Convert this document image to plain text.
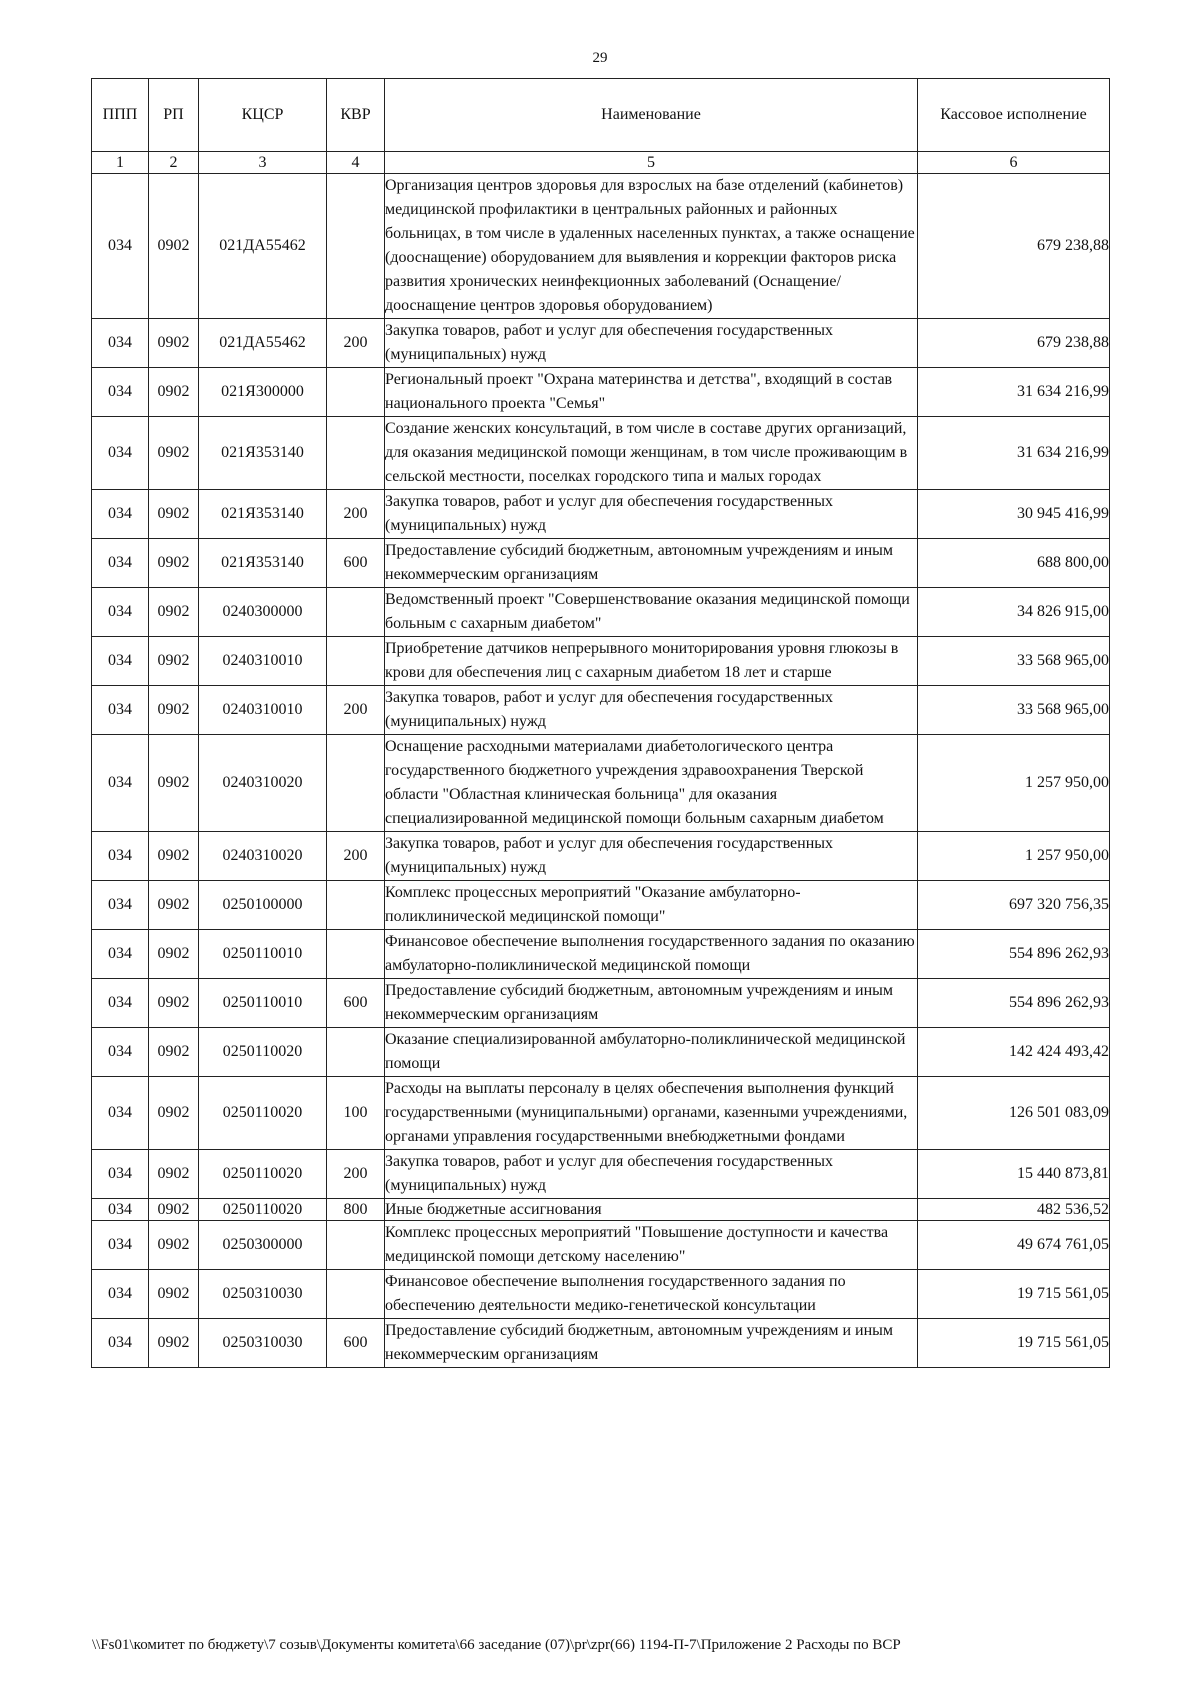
29
ППП	РП	КЦСР	КВР	Наименование	Кассовое исполнение
1	2	3	4	5	6
034	0902	021ДА55462		Организация центров здоровья для взрослых на базе отделений (кабинетов) медицинской профилактики в центральных районных и районных больницах, в том числе в удаленных населенных пунктах, а также оснащение (дооснащение) оборудованием для выявления и коррекции факторов риска развития хронических неинфекционных заболеваний (Оснащение/дооснащение центров здоровья оборудованием)	679 238,88
034	0902	021ДА55462	200	Закупка товаров, работ и услуг для обеспечения государственных (муниципальных) нужд	679 238,88
034	0902	021Я300000		Региональный проект "Охрана материнства и детства", входящий в состав национального проекта "Семья"	31 634 216,99
034	0902	021Я353140		Создание женских консультаций, в том числе в составе других организаций, для оказания медицинской помощи женщинам, в том числе проживающим в сельской местности, поселках городского типа и малых городах	31 634 216,99
034	0902	021Я353140	200	Закупка товаров, работ и услуг для обеспечения государственных (муниципальных) нужд	30 945 416,99
034	0902	021Я353140	600	Предоставление субсидий бюджетным, автономным учреждениям и иным некоммерческим организациям	688 800,00
034	0902	0240300000		Ведомственный проект "Совершенствование оказания медицинской помощи больным с сахарным диабетом"	34 826 915,00
034	0902	0240310010		Приобретение датчиков непрерывного мониторирования уровня глюкозы в крови для обеспечения лиц с сахарным диабетом 18 лет и старше	33 568 965,00
034	0902	0240310010	200	Закупка товаров, работ и услуг для обеспечения государственных (муниципальных) нужд	33 568 965,00
034	0902	0240310020		Оснащение расходными материалами диабетологического центра государственного бюджетного учреждения здравоохранения Тверской области "Областная клиническая больница" для оказания специализированной медицинской помощи больным сахарным диабетом	1 257 950,00
034	0902	0240310020	200	Закупка товаров, работ и услуг для обеспечения государственных (муниципальных) нужд	1 257 950,00
034	0902	0250100000		Комплекс процессных мероприятий "Оказание амбулаторно-поликлинической медицинской помощи"	697 320 756,35
034	0902	0250110010		Финансовое обеспечение выполнения государственного задания по оказанию амбулаторно-поликлинической медицинской помощи	554 896 262,93
034	0902	0250110010	600	Предоставление субсидий бюджетным, автономным учреждениям и иным некоммерческим организациям	554 896 262,93
034	0902	0250110020		Оказание специализированной амбулаторно-поликлинической медицинской помощи	142 424 493,42
034	0902	0250110020	100	Расходы на выплаты персоналу в целях обеспечения выполнения функций государственными (муниципальными) органами, казенными учреждениями, органами управления государственными внебюджетными фондами	126 501 083,09
034	0902	0250110020	200	Закупка товаров, работ и услуг для обеспечения государственных (муниципальных) нужд	15 440 873,81
034	0902	0250110020	800	Иные бюджетные ассигнования	482 536,52
034	0902	0250300000		Комплекс процессных мероприятий "Повышение доступности и качества медицинской помощи детскому населению"	49 674 761,05
034	0902	0250310030		Финансовое обеспечение выполнения государственного задания по обеспечению деятельности медико-генетической консультации	19 715 561,05
034	0902	0250310030	600	Предоставление субсидий бюджетным, автономным учреждениям и иным некоммерческим организациям	19 715 561,05
\\Fs01\комитет по бюджету\7 созыв\Документы комитета\66 заседание (07)\pr\zpr(66) 1194-П-7\Приложение 2 Расходы по ВСР
